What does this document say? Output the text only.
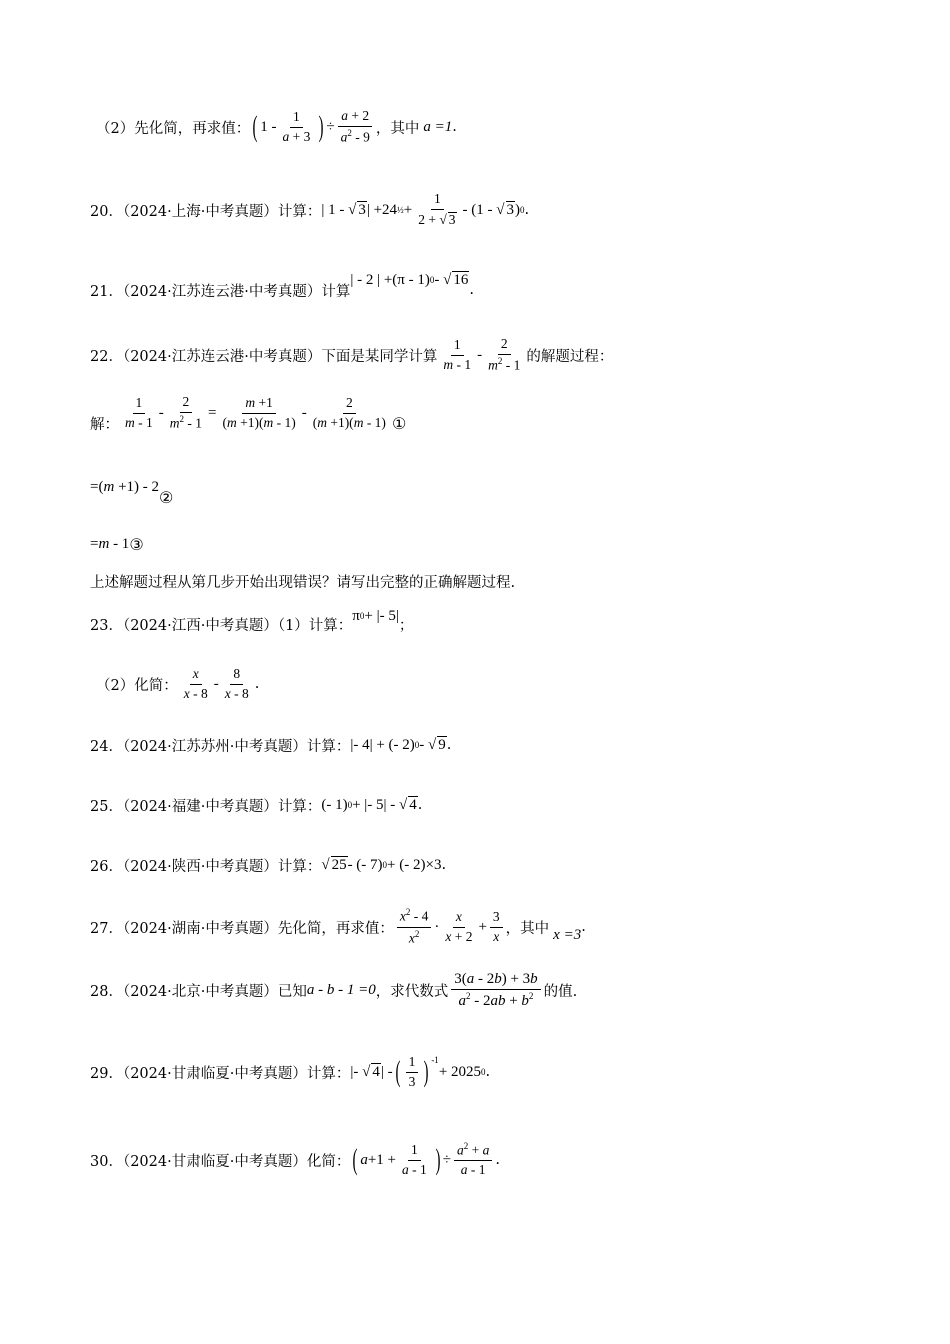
（2）先化简，再求值： ( $1 - \frac{1}{a + 3}$ ) ÷ $\frac{a + 2}{a^2 - 9}$ ，其中 a =1 .
20．（2024·上海·中考真题）计算： | 1 - √ 3 | +24 ½ + $\frac{1}{2 + √ 3} - (1$ - √ 3 ) 0 .
21．（2024·江苏连云港·中考真题）计算
| - 2 | +(π - 1) 0 - √ 16
.
22．（2024·江苏连云港·中考真题）下面是某同学计算 $\frac{1}{m - 1} - \frac{2}{m^2 - 1}$ 的解题过程：
解： $\frac{1}{m - 1} - \frac{2}{m^2 - 1} = \frac{m +1}{(m +1)(m - 1)} - \frac{2}{(m +1)(m - 1)}$ ①
=(m +1) - 2
②
=m - 1 ③
上述解题过程从第几步开始出现错误？请写出完整的正确解题过程.
23．（2024·江西·中考真题）（1）计算：
π 0 + |- 5|
；
（2）化简： $\frac{x}{x - 8} - \frac{8}{x - 8}$ .
24．（2024·江苏苏州·中考真题）计算： |- 4| + (- 2) 0 - √ 9 .
25．（2024·福建·中考真题）计算： (- 1) 0 + |- 5| - √ 4 .
26．（2024·陕西·中考真题）计算： √ 25 - (- 7) 0 + (- 2)×3 .
27．（2024·湖南·中考真题）先化简，再求值： $\frac{x^2 - 4}{x^2} \cdot \frac{x}{x + 2} + \frac{3}{x}$ ，其中 x =3 .
28．（2024·北京·中考真题）已知 a - b - 1 =0 ，求代数式 $\frac{3(a - 2b) + 3b}{a^2 - 2ab + b^2}$ 的值.
29．（2024·甘肃临夏·中考真题）计算： |- √ 4 | - ( $\frac{1}{3}$ ) -1
+ 2025 0 .
30．（2024·甘肃临夏·中考真题）化简： ( $a +1 + \frac{1}{a - 1}$ ) ÷ $\frac{a^2 + a}{a - 1}$ .
